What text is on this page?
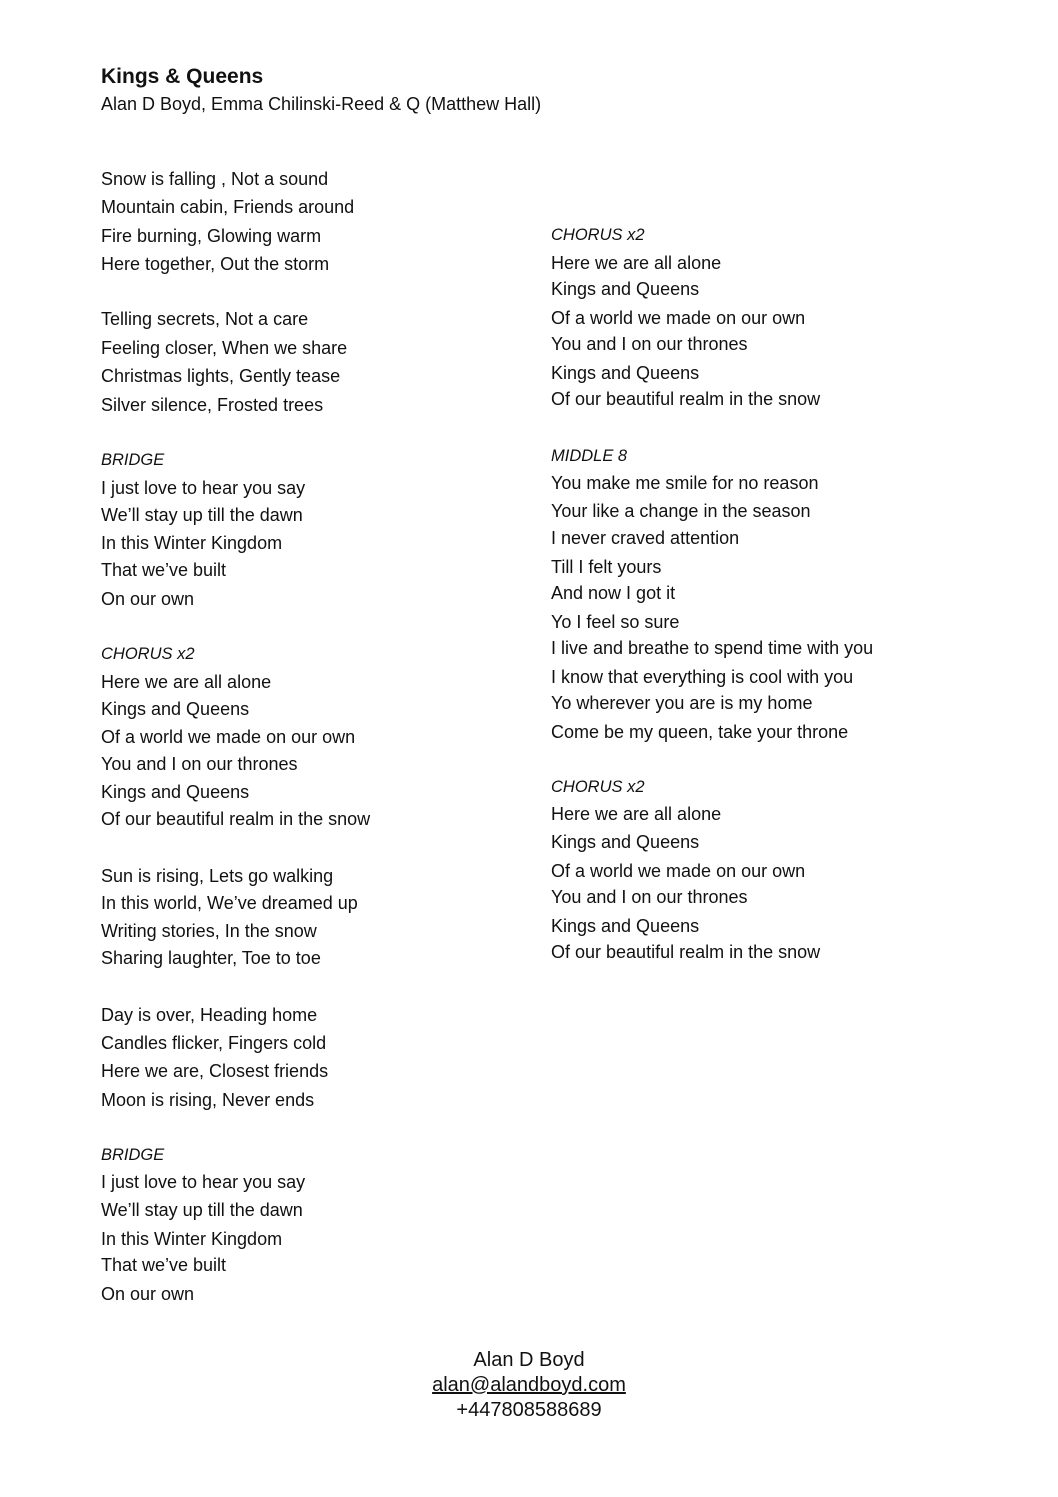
Kings & Queens
Alan D Boyd, Emma Chilinski-Reed & Q (Matthew Hall)
Snow is falling , Not a sound
Mountain cabin, Friends around
Fire burning, Glowing warm
Here together, Out the storm
Telling secrets, Not a care
Feeling closer, When we share
Christmas lights, Gently tease
Silver silence, Frosted trees
BRIDGE
I just love to hear you say
We’ll stay up till the dawn
In this Winter Kingdom
That we’ve built
On our own
CHORUS x2
Here we are all alone
Kings and Queens
Of a world we made on our own
You and I on our thrones
Kings and Queens
Of our beautiful realm in the snow
Sun is rising, Lets go walking
In this world, We’ve dreamed up
Writing stories, In the snow
Sharing laughter, Toe to toe
Day is over, Heading home
Candles flicker, Fingers cold
Here we are, Closest friends
Moon is rising, Never ends
BRIDGE
I just love to hear you say
We’ll stay up till the dawn
In this Winter Kingdom
That we’ve built
On our own
CHORUS x2
Here we are all alone
Kings and Queens
Of a world we made on our own
You and I on our thrones
Kings and Queens
Of our beautiful realm in the snow
MIDDLE 8
You make me smile for no reason
Your like a change in the season
I never craved attention
Till I felt yours
And now I got it
Yo I feel so sure
I live and breathe to spend time with you
I know that everything is cool with you
Yo wherever you are is my home
Come be my queen, take your throne
CHORUS x2
Here we are all alone
Kings and Queens
Of a world we made on our own
You and I on our thrones
Kings and Queens
Of our beautiful realm in the snow
Alan D Boyd
alan@alandboyd.com
+447808588689
